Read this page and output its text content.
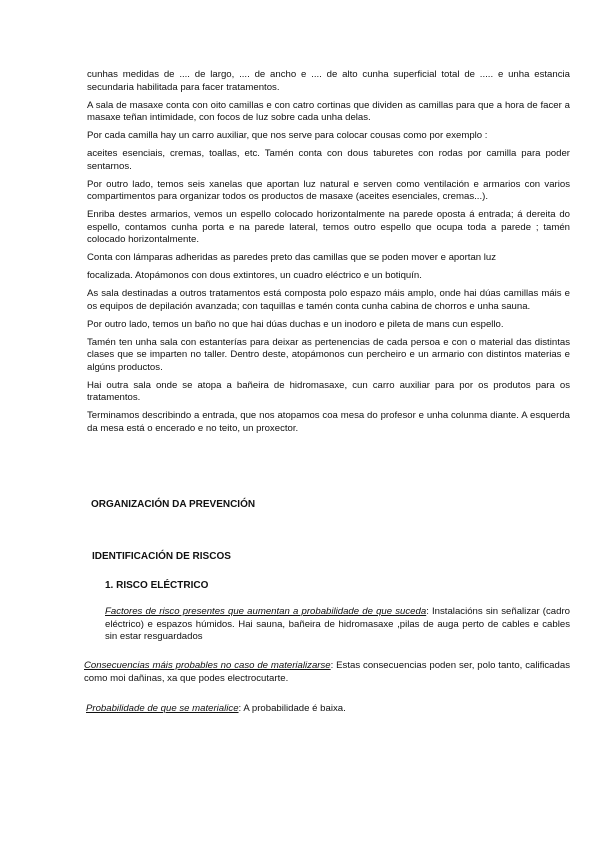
cunhas medidas de .... de largo, .... de ancho e .... de alto cunha superficial total de ..... e unha estancia secundaria habilitada para facer tratamentos.

A sala de masaxe conta con oito camillas e con catro cortinas que dividen as camillas para que a hora de facer a masaxe teñan intimidade, con focos de luz sobre cada unha delas.

Por cada camilla hay un carro auxiliar, que nos serve para colocar cousas como por exemplo :

aceites esenciais, cremas, toallas, etc. Tamén conta con dous taburetes con rodas por camilla para poder sentarnos.

Por outro lado, temos seis xanelas que aportan luz natural e serven como ventilación e armarios con varios compartimentos para organizar todos os productos de masaxe (aceites esenciales, cremas...).

Enriba destes armarios, vemos un espello colocado horizontalmente na parede oposta á entrada; á dereita do espello, contamos cunha porta e na parede lateral, temos outro espello que ocupa toda a parede ; tamén colocado horizontalmente.

Conta con lámparas adheridas as paredes preto das camillas que se poden mover e aportan luz

focalizada. Atopámonos con dous extintores, un cuadro eléctrico e un botiquín.

As sala destinadas a outros tratamentos está composta polo espazo máis amplo, onde hai dúas camillas máis e os equipos de depilación avanzada; con taquillas e tamén conta cunha cabina de chorros e unha sauna.

Por outro lado, temos un baño no que hai dúas duchas e un inodoro e pileta de mans cun espello.

Tamén ten unha sala con estanterías para deixar as pertenencias de cada persoa e con o material das distintas clases que se imparten no taller. Dentro deste, atopámonos cun percheiro e un armario con distintos materias e algúns productos.

Hai outra sala onde se atopa a bañeira de hidromasaxe, cun carro auxiliar para por os produtos para os tratamentos.

Terminamos describindo a entrada, que nos atopamos coa mesa do profesor e unha colunma diante. A esquerda da mesa está o encerado e no teito, un proxector.

ORGANIZACIÓN DA PREVENCIÓN
IDENTIFICACIÓN DE RISCOS
1. RISCO ELÉCTRICO
Factores de risco presentes que aumentan a probabilidade de que suceda: Instalacións sin señalizar (cadro eléctrico) e espazos húmidos. Hai sauna, bañeira de hidromasaxe ,pilas de auga perto de cables e cables sin estar resguardados
Consecuencias máis probables no caso de materializarse: Estas consecuencias poden ser, polo tanto, calificadas como moi dañinas, xa que podes electrocutarte.
Probabilidade de que se materialice: A probabilidade é baixa.
